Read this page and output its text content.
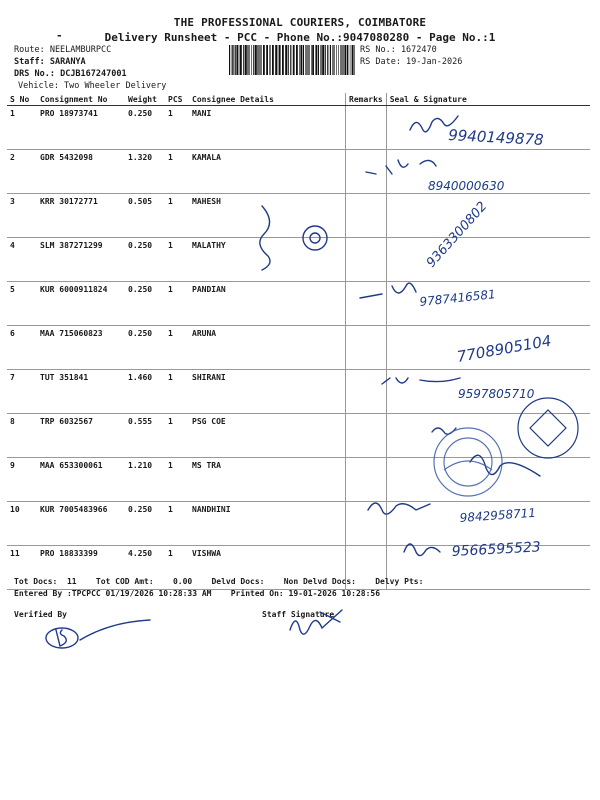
-
THE PROFESSIONAL COURIERS, COIMBATORE
Delivery Runsheet - PCC - Phone No.:9047080280 - Page No.:1
Route: NEELAMBURPCC
Staff: SARANYA
DRS No.: DCJB167247001
Vehicle: Two Wheeler Delivery
RS No.: 1672470
RS Date: 19-Jan-2026
S No	Consignment No	Weight	PCS	Consignee Details	Remarks	Seal & Signature
1	PRO 18973741	0.250	1	MANI		
2	GDR 5432098	1.320	1	KAMALA		
3	KRR 30172771	0.505	1	MAHESH		
4	SLM 387271299	0.250	1	MALATHY		
5	KUR 6000911824	0.250	1	PANDIAN		
6	MAA 715060823	0.250	1	ARUNA		
7	TUT 351841	1.460	1	SHIRANI		
8	TRP 6032567	0.555	1	PSG COE		
9	MAA 653300061	1.210	1	MS TRA		
10	KUR 7005483966	0.250	1	NANDHINI		
11	PRO 18833399	4.250	1	VISHWA		
Tot Docs:  11    Tot COD Amt:    0.00    Delvd Docs:    Non Delvd Docs:    Delvy Pts:
Entered By :TPCPCC 01/19/2026 10:28:33 AM    Printed On: 19-01-2026 10:28:56
Verified By	Staff Signature
9940149878
8940000630
9363300802
9787416581
7708905104
9597805710
9842958711
9566595523
